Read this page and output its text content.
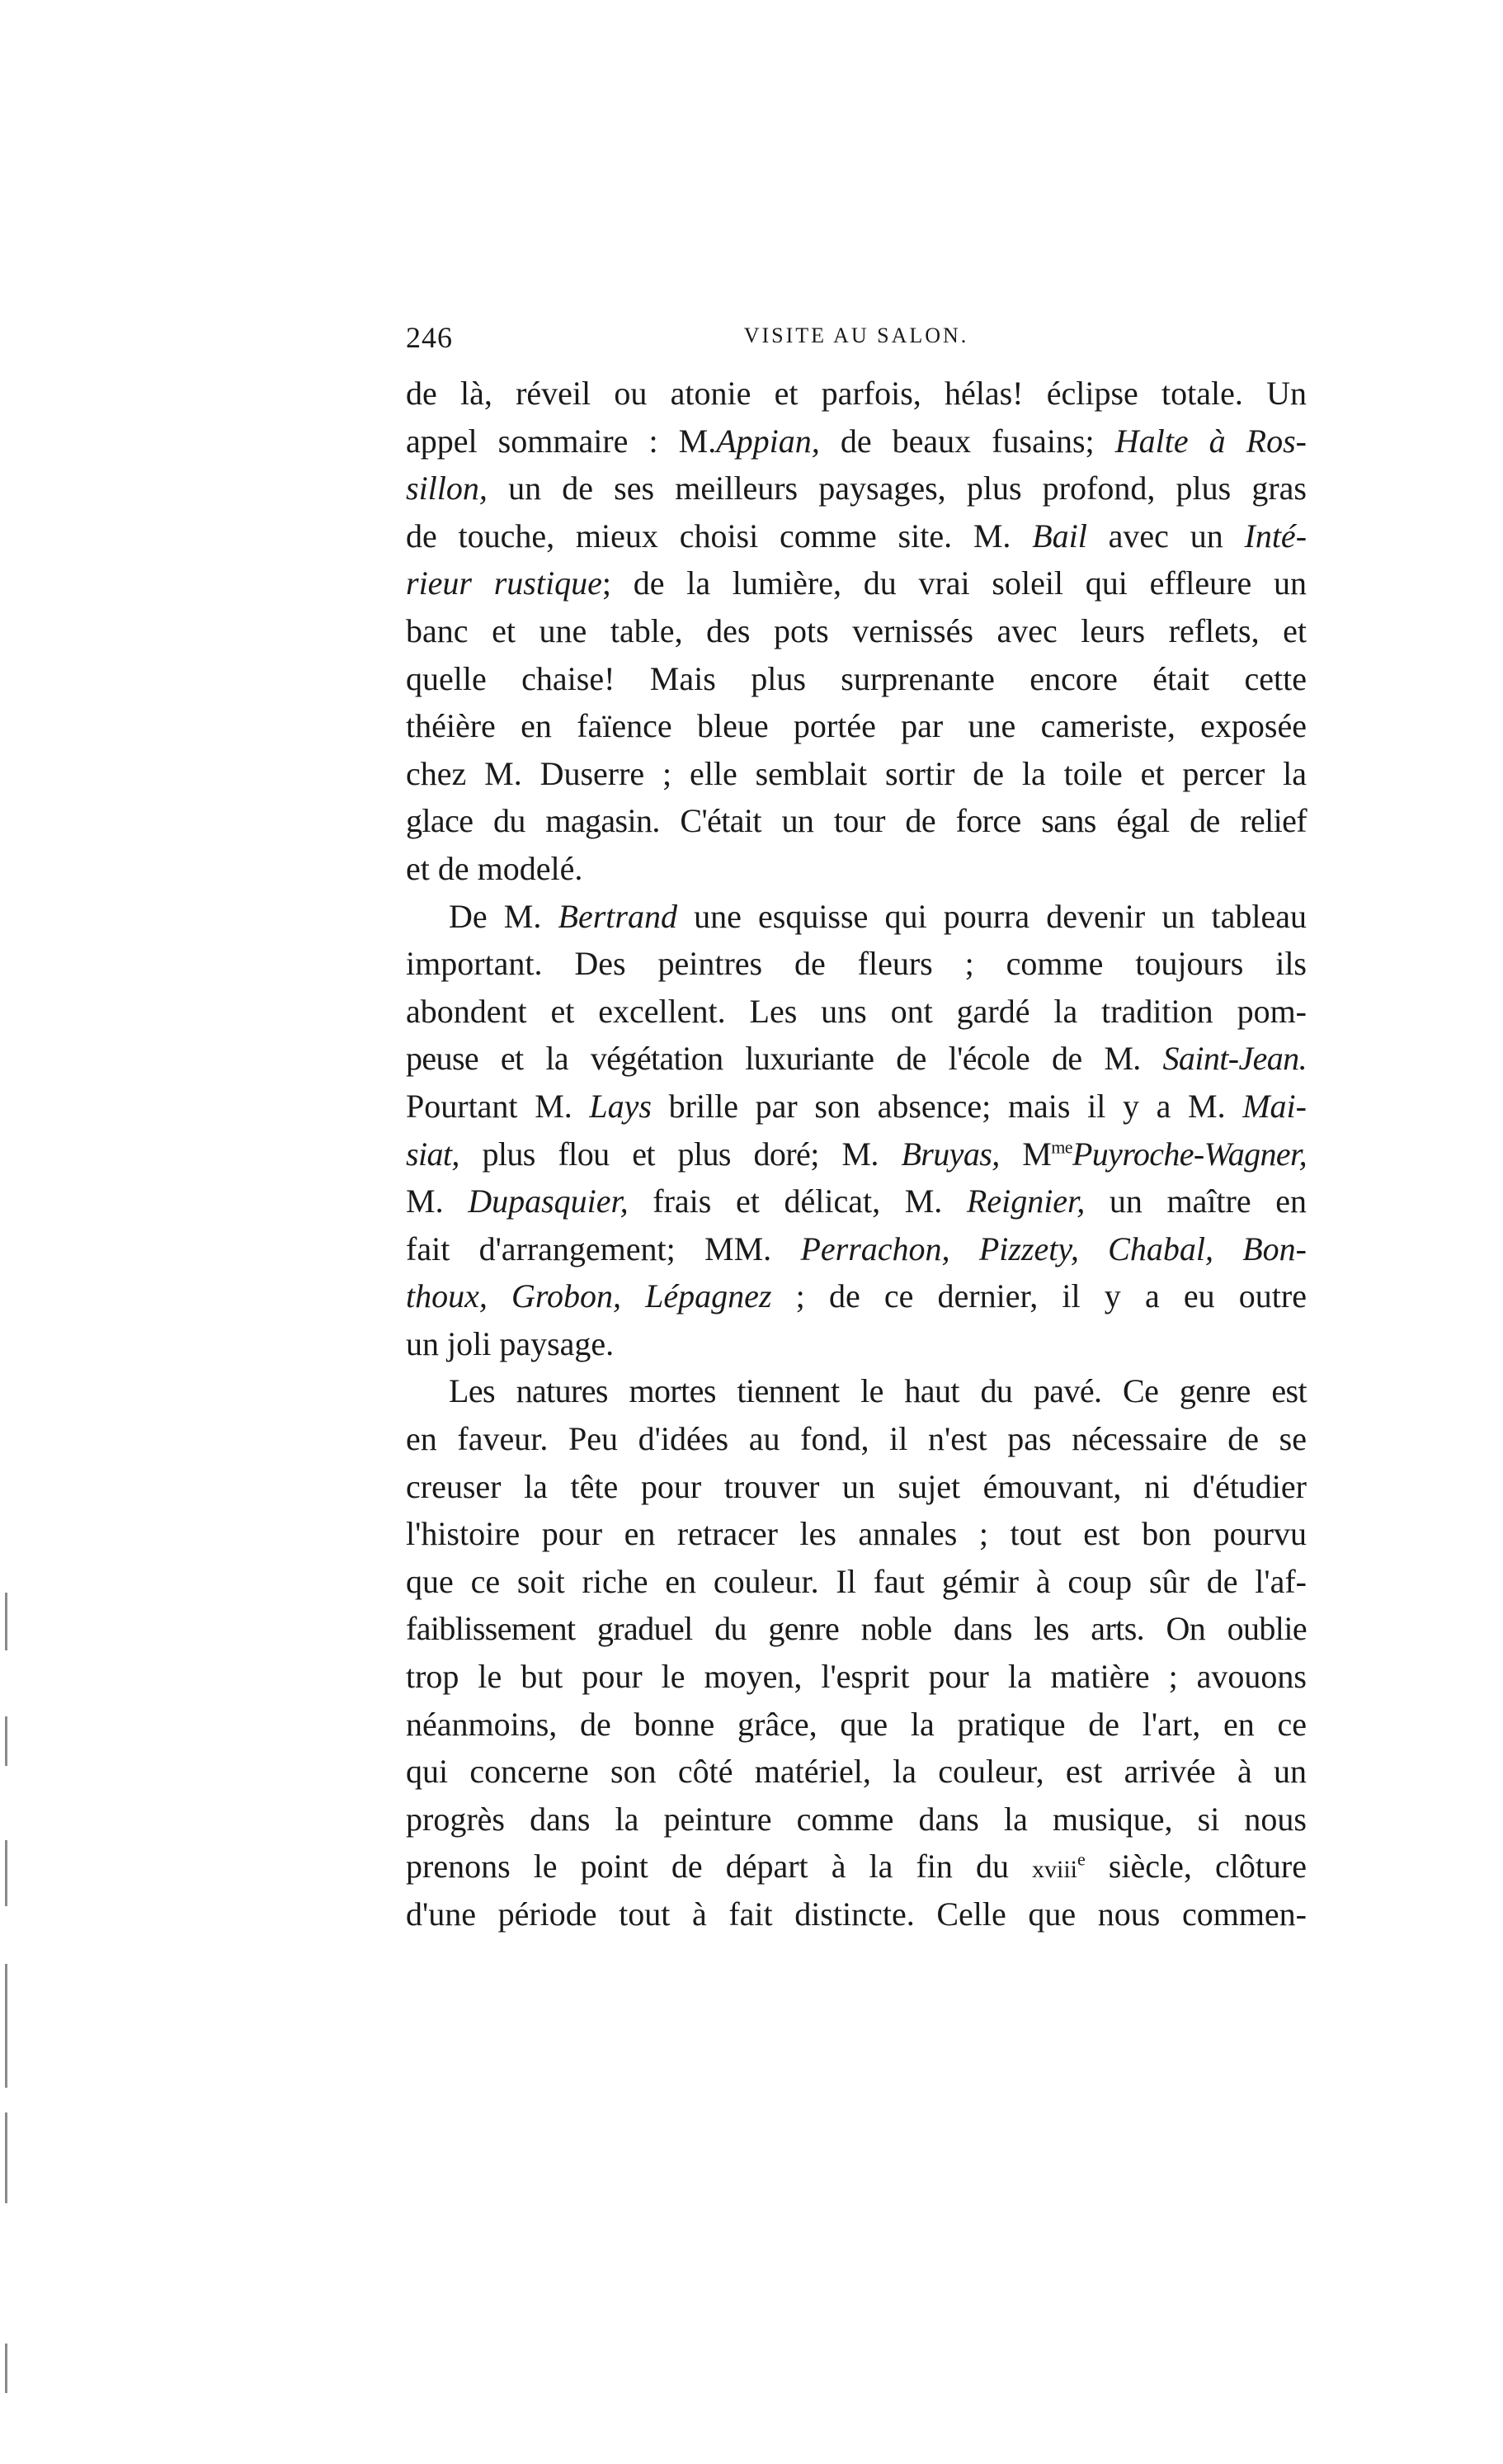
246	VISITE AU SALON.
de là, réveil ou atonie et parfois, hélas! éclipse totale. Un
appel sommaire : M.Appian, de beaux fusains; Halte à Ros-
sillon, un de ses meilleurs paysages, plus profond, plus gras
de touche, mieux choisi comme site. M. Bail avec un Inté-
rieur rustique; de la lumière, du vrai soleil qui effleure un
banc et une table, des pots vernissés avec leurs reflets, et
quelle chaise! Mais plus surprenante encore était cette
théière en faïence bleue portée par une cameriste, exposée
chez M. Duserre ; elle semblait sortir de la toile et percer la
glace du magasin. C'était un tour de force sans égal de relief
et de modelé.
De M. Bertrand une esquisse qui pourra devenir un tableau
important. Des peintres de fleurs ; comme toujours ils
abondent et excellent. Les uns ont gardé la tradition pom-
peuse et la végétation luxuriante de l'école de M. Saint-Jean.
Pourtant M. Lays brille par son absence; mais il y a M. Mai-
siat, plus flou et plus doré; M. Bruyas, $M^{me}Puyroche$-Wagner,
M. Dupasquier, frais et délicat, M. Reignier, un maître en
fait d'arrangement; MM. Perrachon, Pizzety, Chabal, Bon-
thoux, Grobon, Lépagnez ; de ce dernier, il y a eu outre
un joli paysage.
Les natures mortes tiennent le haut du pavé. Ce genre est
en faveur. Peu d'idées au fond, il n'est pas nécessaire de se
creuser la tête pour trouver un sujet émouvant, ni d'étudier
l'histoire pour en retracer les annales ; tout est bon pourvu
que ce soit riche en couleur. Il faut gémir à coup sûr de l'af-
faiblissement graduel du genre noble dans les arts. On oublie
trop le but pour le moyen, l'esprit pour la matière ; avouons
néanmoins, de bonne grâce, que la pratique de l'art, en ce
qui concerne son côté matériel, la couleur, est arrivée à un
progrès dans la peinture comme dans la musique, si nous
prenons le point de départ à la fin du xviii$^e$ siècle, clôture
d'une période tout à fait distincte. Celle que nous commen-
